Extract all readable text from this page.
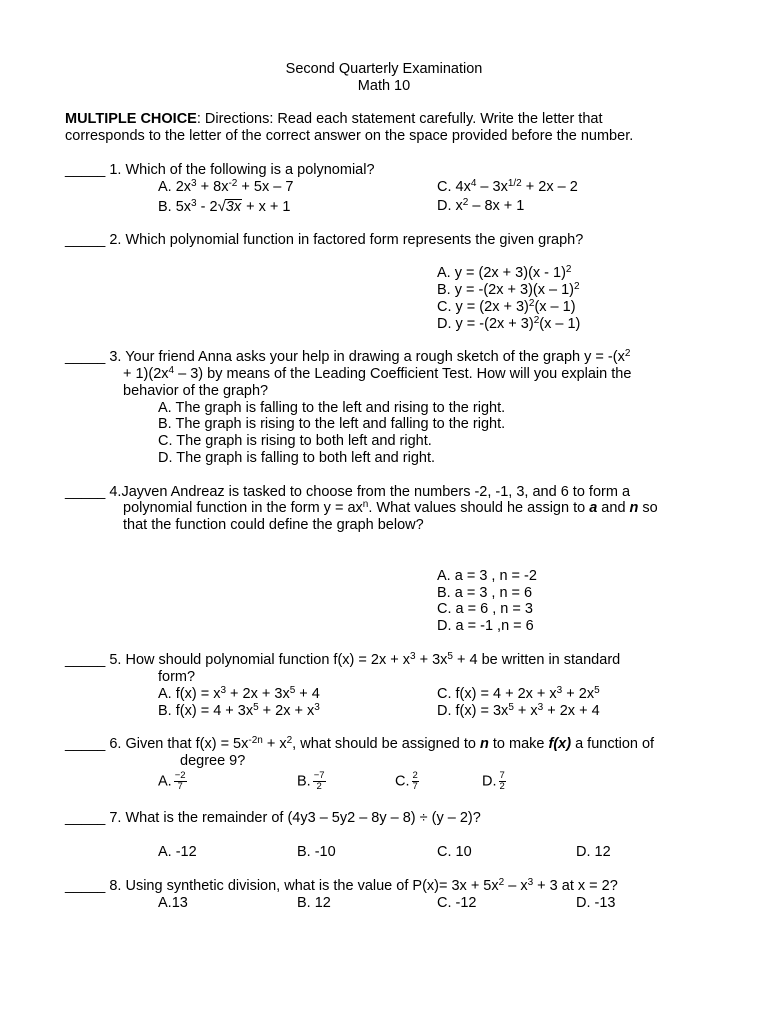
Second Quarterly Examination
Math 10
MULTIPLE CHOICE: Directions: Read each statement carefully. Write the letter that
corresponds to the letter of the correct answer on the space provided before the number.
_____ 1. Which of the following is a polynomial?
A. $2x^3 + 8x^{-2} + 5x - 7$
B. $5x^3 - 2√3x + x + 1$
C. $4x^4 - 3x^{1/2} + 2x - 2$
D. $x^2 - 8x + 1$
_____ 2. Which polynomial function in factored form represents the given graph?
A. y = (2x + 3)(x - 1)$^2$
B. y = -(2x + 3)(x – 1)$^2$
C. $y = (2x + 3)^2(x - 1)$
D. $y = -(2x + 3)^2(x - 1)$
_____ 3. Your friend Anna asks your help in drawing a rough sketch of the graph $y = -(x^2$
+ $1)(2x^4 - 3)$ by means of the Leading Coefficient Test. How will you explain the
behavior of the graph?
A. The graph is falling to the left and rising to the right.
B. The graph is rising to the left and falling to the right.
C. The graph is rising to both left and right.
D. The graph is falling to both left and right.
_____ 4.Jayven Andreaz is tasked to choose from the numbers -2, -1, 3, and 6 to form a
polynomial function in the form $y = ax^n$. What values should he assign to a and n so
that the function could define the graph below?
A. a = 3 , n = -2
B. a = 3 , n = 6
C. a = 6 , n = 3
D. a = -1 ,n = 6
_____ 5. How should polynomial function $f(x) = 2x + x^3 + 3x^5 + 4$ be written in standard
form?
A. $f(x) = x^3 + 2x + 3x^5 + 4$
B. $f(x) = 4 + 3x^5 + 2x + x^3$
C. $f(x) = 4 + 2x + x^3 + 2x^5$
D. $f(x) = 3x^5 + x^3 + 2x + 4$
_____ 6. Given that $f(x) = 5x^{-2n} + x^2$, what should be assigned to n to make f(x) a function of
degree 9?
A. $\frac{-2}{7}$	B. $\frac{-7}{2}$	C. $\frac{2}{7}$	D. $\frac{7}{2}$
_____ 7. What is the remainder of (4y3 – 5y2 – 8y – 8) ÷ (y – 2)?
A. -12	B. -10	C. 10	D. 12
_____ 8. Using synthetic division, what is the value of $P(x)= 3x + 5x^2 - x^3 + 3$ at x = 2?
A.13	B. 12	C. -12	D. -13
